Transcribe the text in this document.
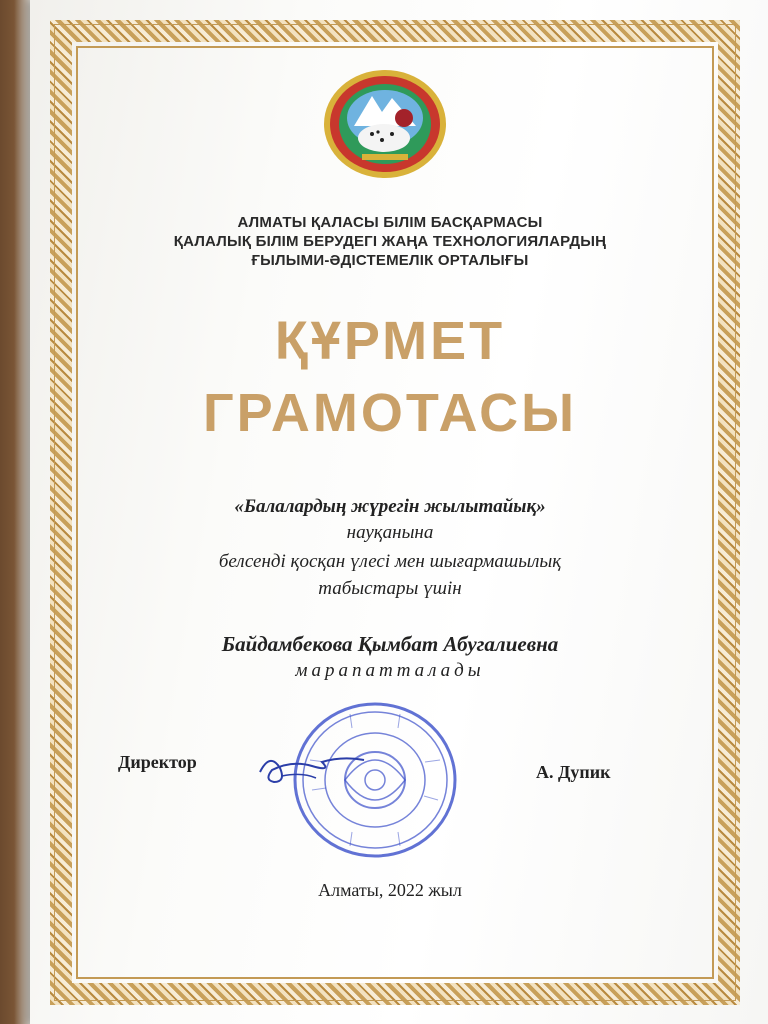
АЛМАТЫ ҚАЛАСЫ БІЛІМ БАСҚАРМАСЫ
ҚАЛАЛЫҚ БІЛІМ БЕРУДЕГІ ЖАҢА ТЕХНОЛОГИЯЛАРДЫҢ
ҒЫЛЫМИ-ӘДІСТЕМЕЛІК ОРТАЛЫҒЫ
ҚҰРМЕТ
ГРАМОТАСЫ
«Балалардың жүрегін жылытайық»
науқанына
белсенді қосқан үлесі мен шығармашылық
табыстары үшін
Байдамбекова Қымбат Абугалиевна
марапатталады
Директор	А. Дупик
Алматы, 2022 жыл
